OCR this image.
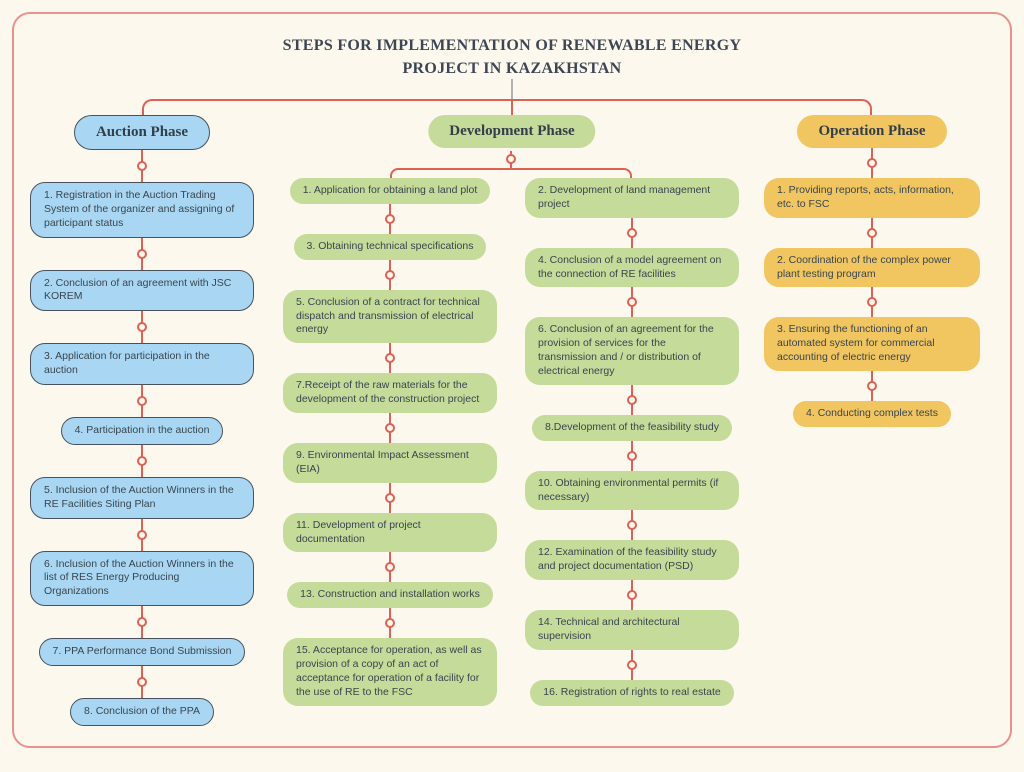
STEPS FOR IMPLEMENTATION OF RENEWABLE ENERGY PROJECT IN KAZAKHSTAN
Auction Phase
1. Registration in the Auction Trading System of the organizer and assigning of participant status
2. Conclusion of an agreement with JSC KOREM
3. Application for participation in the auction
4. Participation in the auction
5. Inclusion of the Auction Winners in the RE Facilities Siting Plan
6. Inclusion of the Auction Winners in the list of RES Energy Producing Organizations
7. PPA Performance Bond Submission
8. Conclusion of the PPA
Development Phase
1. Application for obtaining a land plot
3. Obtaining technical specifications
5. Conclusion of a contract for technical dispatch and transmission of electrical energy
7.Receipt of the raw materials for the development of the construction project
9. Environmental Impact Assessment (EIA)
11. Development of project documentation
13. Construction and installation works
15. Acceptance for operation, as well as provision of a copy of an act of acceptance for operation of a facility for the use of RE to the FSC
2. Development of land management project
4. Conclusion of a model agreement on the connection of RE facilities
6. Conclusion of an agreement for the provision of services for the transmission and / or distribution of electrical energy
8.Development of the feasibility study
10. Obtaining environmental permits (if necessary)
12. Examination of the feasibility study and project documentation (PSD)
14. Technical and architectural supervision
16. Registration of rights to real estate
Operation Phase
1. Providing reports, acts, information, etc. to FSC
2. Coordination of the complex power plant testing program
3. Ensuring the functioning of an automated system for commercial accounting of electric energy
4. Conducting complex tests
